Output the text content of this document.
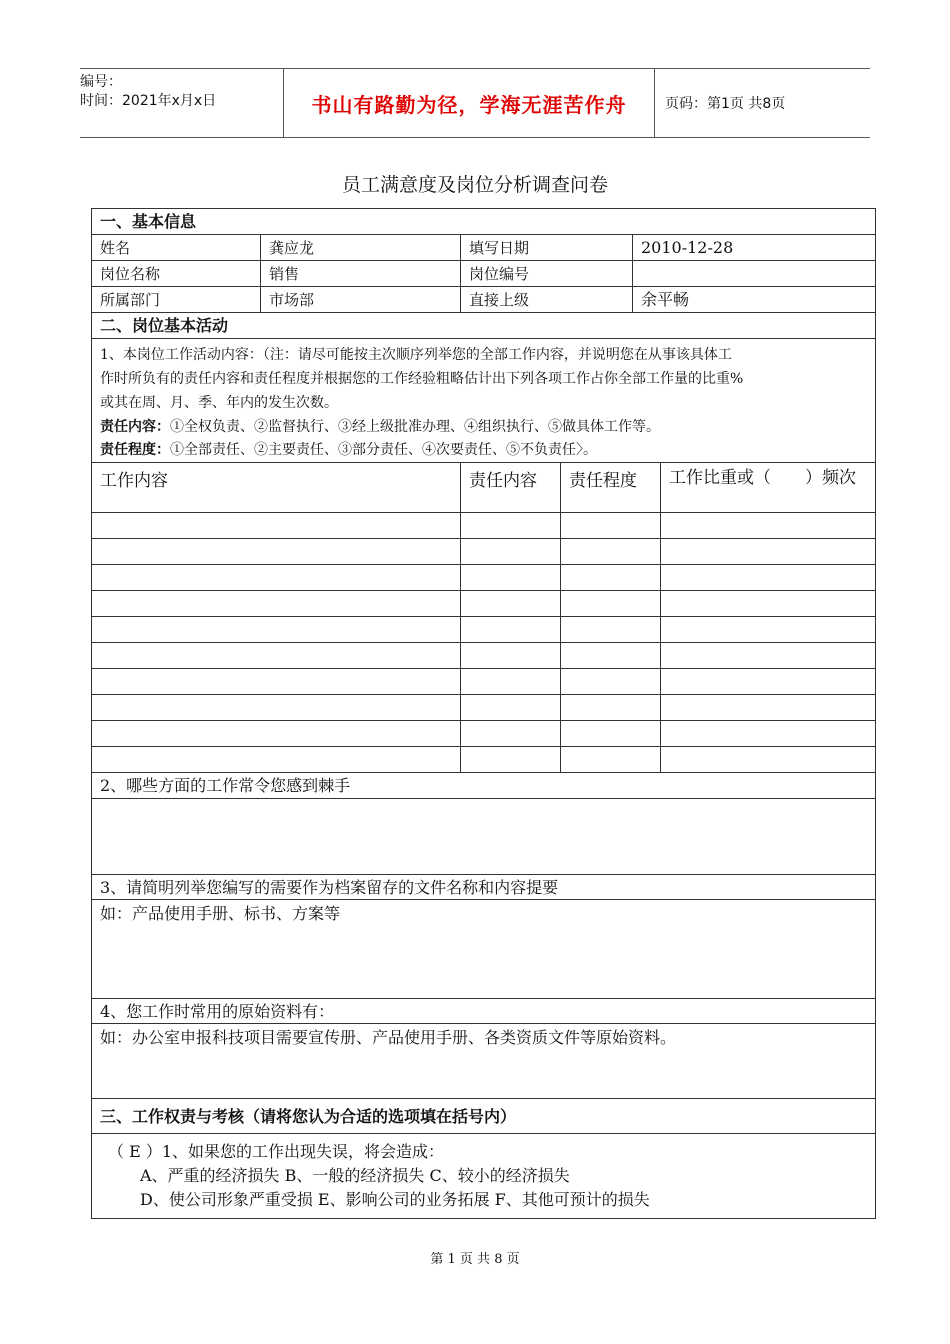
编号：
时间：2021年x月x日	书山有路勤为径，学海无涯苦作舟	页码：第1页 共8页
员工满意度及岗位分析调查问卷
一、基本信息
姓名	龚应龙	填写日期	2010-12-28
岗位名称	销售	岗位编号
所属部门	市场部	直接上级	余平畅
二、岗位基本活动
1、本岗位工作活动内容：（注：请尽可能按主次顺序列举您的全部工作内容，并说明您在从事该具体工
作时所负有的责任内容和责任程度并根据您的工作经验粗略估计出下列各项工作占你全部工作量的比重%
或其在周、月、季、年内的发生次数。
责任内容：①全权负责、②监督执行、③经上级批准办理、④组织执行、⑤做具体工作等。
责任程度：①全部责任、②主要责任、③部分责任、④次要责任、⑤不负责任〉。
工作内容	责任内容	责任程度	工作比重或（　　）频次
2、哪些方面的工作常令您感到棘手
3、请简明列举您编写的需要作为档案留存的文件名称和内容提要
如：产品使用手册、标书、方案等
4、您工作时常用的原始资料有：
如：办公室申报科技项目需要宣传册、产品使用手册、各类资质文件等原始资料。
三、工作权责与考核（请将您认为合适的选项填在括号内）
（ E ）1、如果您的工作出现失误，将会造成：
A、严重的经济损失 B、一般的经济损失 C、较小的经济损失
D、使公司形象严重受损 E、影响公司的业务拓展 F、其他可预计的损失
第 1 页 共 8 页
